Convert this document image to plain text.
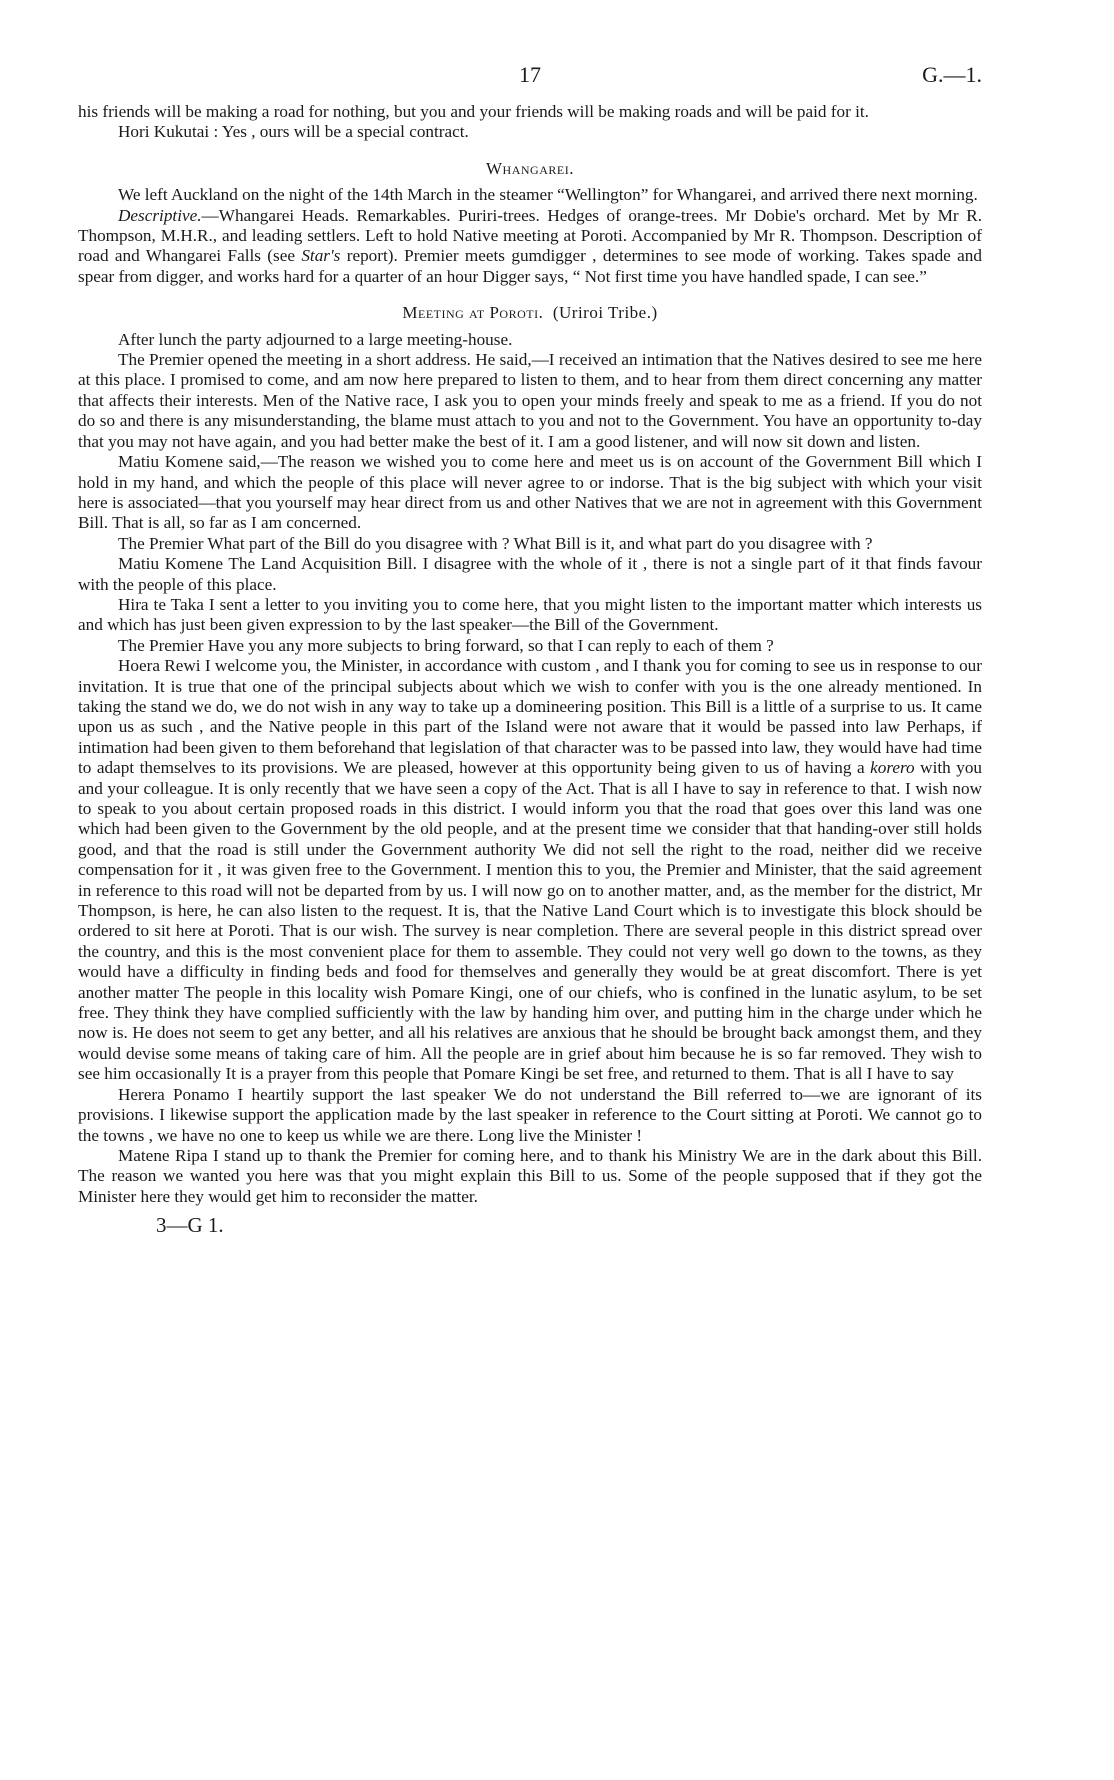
17	G.—1.

his friends will be making a road for nothing, but you and your friends will be making roads and will be paid for it.

Hori Kukutai : Yes , ours will be a special contract.

Whangarei.

We left Auckland on the night of the 14th March in the steamer “Wellington” for Whangarei, and arrived there next morning.

Descriptive.—Whangarei Heads. Remarkables. Puriri-trees. Hedges of orange-trees. Mr Dobie's orchard. Met by Mr R. Thompson, M.H.R., and leading settlers. Left to hold Native meeting at Poroti. Accompanied by Mr R. Thompson. Description of road and Whangarei Falls (see Star's report). Premier meets gumdigger , determines to see mode of working. Takes spade and spear from digger, and works hard for a quarter of an hour Digger says, “ Not first time you have handled spade, I can see.”

Meeting at Poroti. (Uriroi Tribe.)

After lunch the party adjourned to a large meeting-house.

The Premier opened the meeting in a short address. He said,—I received an intimation that the Natives desired to see me here at this place. I promised to come, and am now here prepared to listen to them, and to hear from them direct concerning any matter that affects their interests. Men of the Native race, I ask you to open your minds freely and speak to me as a friend. If you do not do so and there is any misunderstanding, the blame must attach to you and not to the Government. You have an opportunity to-day that you may not have again, and you had better make the best of it. I am a good listener, and will now sit down and listen.

Matiu Komene said,—The reason we wished you to come here and meet us is on account of the Government Bill which I hold in my hand, and which the people of this place will never agree to or indorse. That is the big subject with which your visit here is associated—that you yourself may hear direct from us and other Natives that we are not in agreement with this Government Bill. That is all, so far as I am concerned.

The Premier What part of the Bill do you disagree with ? What Bill is it, and what part do you disagree with ?

Matiu Komene The Land Acquisition Bill. I disagree with the whole of it , there is not a single part of it that finds favour with the people of this place.

Hira te Taka I sent a letter to you inviting you to come here, that you might listen to the important matter which interests us and which has just been given expression to by the last speaker—the Bill of the Government.

The Premier Have you any more subjects to bring forward, so that I can reply to each of them ?

Hoera Rewi I welcome you, the Minister, in accordance with custom , and I thank you for coming to see us in response to our invitation. It is true that one of the principal subjects about which we wish to confer with you is the one already mentioned. In taking the stand we do, we do not wish in any way to take up a domineering position. This Bill is a little of a surprise to us. It came upon us as such , and the Native people in this part of the Island were not aware that it would be passed into law Perhaps, if intimation had been given to them beforehand that legislation of that character was to be passed into law, they would have had time to adapt themselves to its provisions. We are pleased, however at this opportunity being given to us of having a korero with you and your colleague. It is only recently that we have seen a copy of the Act. That is all I have to say in reference to that. I wish now to speak to you about certain proposed roads in this district. I would inform you that the road that goes over this land was one which had been given to the Government by the old people, and at the present time we consider that that handing-over still holds good, and that the road is still under the Government authority We did not sell the right to the road, neither did we receive compensation for it , it was given free to the Government. I mention this to you, the Premier and Minister, that the said agreement in reference to this road will not be departed from by us. I will now go on to another matter, and, as the member for the district, Mr Thompson, is here, he can also listen to the request. It is, that the Native Land Court which is to investigate this block should be ordered to sit here at Poroti. That is our wish. The survey is near completion. There are several people in this district spread over the country, and this is the most convenient place for them to assemble. They could not very well go down to the towns, as they would have a difficulty in finding beds and food for themselves and generally they would be at great discomfort. There is yet another matter The people in this locality wish Pomare Kingi, one of our chiefs, who is confined in the lunatic asylum, to be set free. They think they have complied sufficiently with the law by handing him over, and putting him in the charge under which he now is. He does not seem to get any better, and all his relatives are anxious that he should be brought back amongst them, and they would devise some means of taking care of him. All the people are in grief about him because he is so far removed. They wish to see him occasionally It is a prayer from this people that Pomare Kingi be set free, and returned to them. That is all I have to say

Herera Ponamo I heartily support the last speaker We do not understand the Bill referred to—we are ignorant of its provisions. I likewise support the application made by the last speaker in reference to the Court sitting at Poroti. We cannot go to the towns , we have no one to keep us while we are there. Long live the Minister !

Matene Ripa I stand up to thank the Premier for coming here, and to thank his Ministry We are in the dark about this Bill. The reason we wanted you here was that you might explain this Bill to us. Some of the people supposed that if they got the Minister here they would get him to reconsider the matter.

3—G 1.
